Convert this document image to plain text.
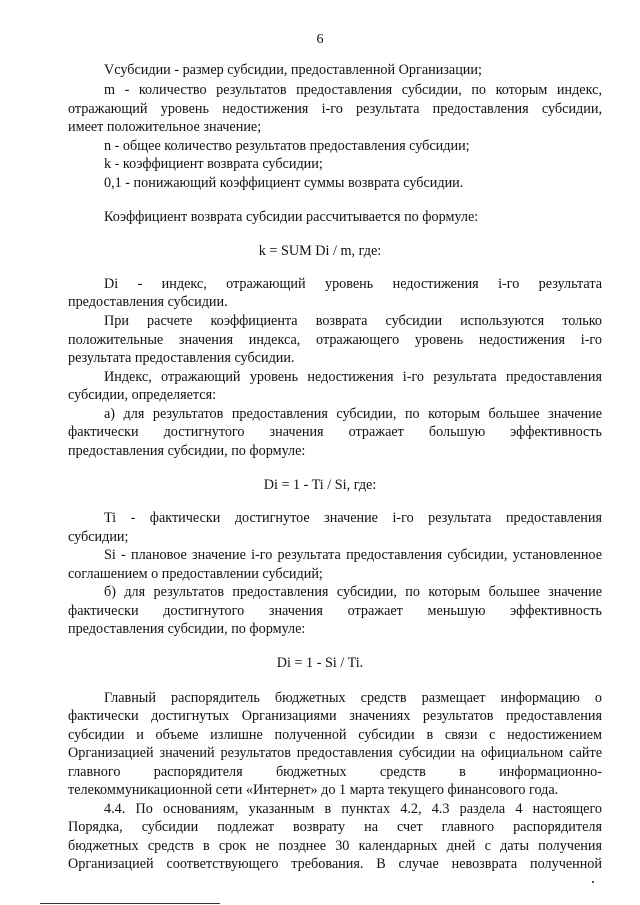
6
Vсубсидии - размер субсидии, предоставленной Организации;
m - количество результатов предоставления субсидии, по которым индекс,
отражающий уровень недостижения i-го результата предоставления субсидии,
имеет положительное значение;
n - общее количество результатов предоставления субсидии;
k - коэффициент возврата субсидии;
0,1 - понижающий коэффициент суммы возврата субсидии.
Коэффициент возврата субсидии рассчитывается по формуле:
k = SUM Di / m, где:
Di - индекс, отражающий уровень недостижения i-го результата
предоставления субсидии.
При расчете коэффициента возврата субсидии используются только
положительные значения индекса, отражающего уровень недостижения i-го
результата предоставления субсидии.
Индекс, отражающий уровень недостижения i-го результата предоставления
субсидии, определяется:
а) для результатов предоставления субсидии, по которым большее значение
фактически достигнутого значения отражает большую эффективность
предоставления субсидии, по формуле:
Di = 1 - Ti / Si, где:
Ti - фактически достигнутое значение i-го результата предоставления
субсидии;
Si - плановое значение i-го результата предоставления субсидии, установленное
соглашением о предоставлении субсидий;
б) для результатов предоставления субсидии, по которым большее значение
фактически достигнутого значения отражает меньшую эффективность
предоставления субсидии, по формуле:
Di = 1 - Si / Ti.
Главный распорядитель бюджетных средств размещает информацию о
фактически достигнутых Организациями значениях результатов предоставления
субсидии и объеме излишне полученной субсидии в связи с недостижением
Организацией значений результатов предоставления субсидии на официальном сайте
главного распорядителя бюджетных средств в информационно-
телекоммуникационной сети «Интернет» до 1 марта текущего финансового года.
4.4. По основаниям, указанным в пунктах 4.2, 4.3 раздела 4 настоящего
Порядка, субсидии подлежат возврату на счет главного распорядителя
бюджетных средств в срок не позднее 30 календарных дней с даты получения
Организацией соответствующего требования. В случае невозврата полученной
